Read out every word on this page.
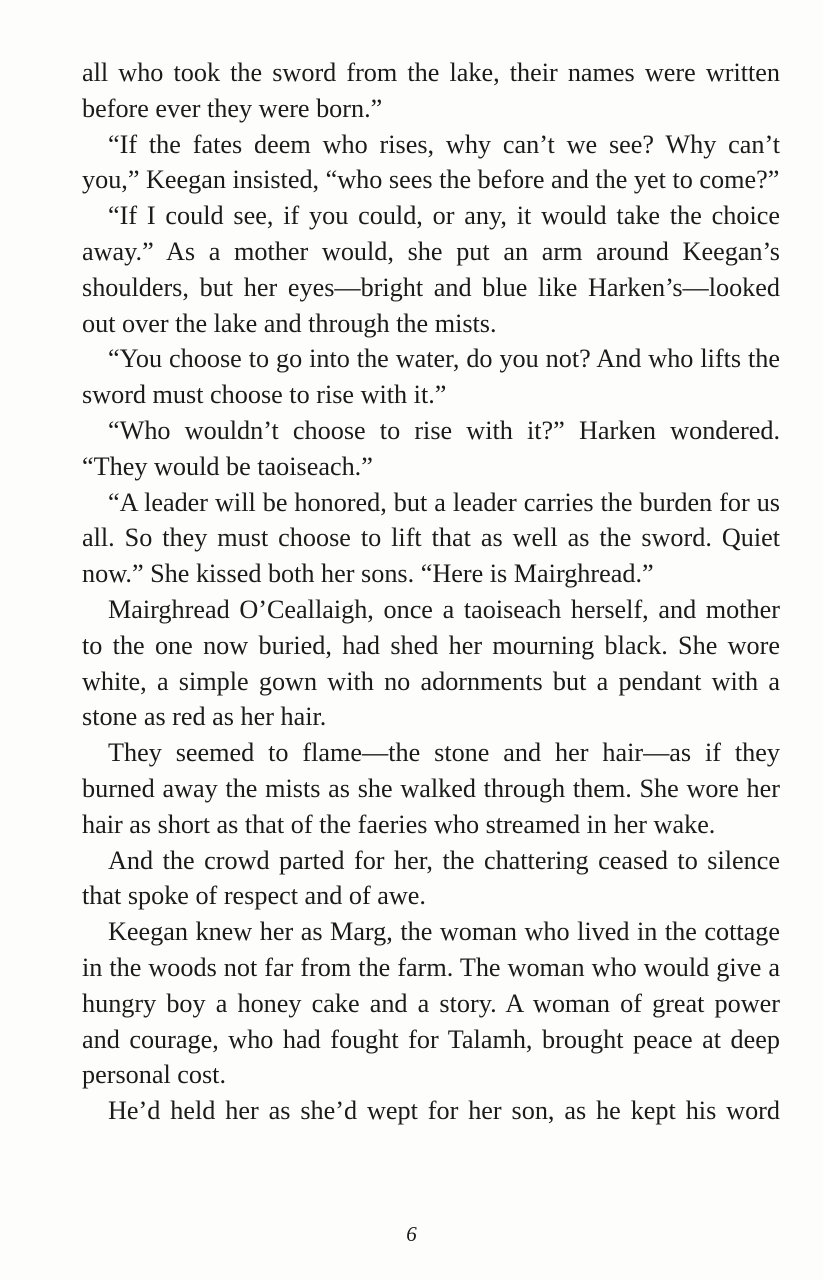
all who took the sword from the lake, their names were written before ever they were born.”

“If the fates deem who rises, why can’t we see? Why can’t you,” Keegan insisted, “who sees the before and the yet to come?”

“If I could see, if you could, or any, it would take the choice away.” As a mother would, she put an arm around Keegan’s shoulders, but her eyes—bright and blue like Harken’s—looked out over the lake and through the mists.

“You choose to go into the water, do you not? And who lifts the sword must choose to rise with it.”

“Who wouldn’t choose to rise with it?” Harken wondered. “They would be taoiseach.”

“A leader will be honored, but a leader carries the burden for us all. So they must choose to lift that as well as the sword. Quiet now.” She kissed both her sons. “Here is Mairghread.”

Mairghread O’Ceallaigh, once a taoiseach herself, and mother to the one now buried, had shed her mourning black. She wore white, a simple gown with no adornments but a pendant with a stone as red as her hair.

They seemed to flame—the stone and her hair—as if they burned away the mists as she walked through them. She wore her hair as short as that of the faeries who streamed in her wake.

And the crowd parted for her, the chattering ceased to silence that spoke of respect and of awe.

Keegan knew her as Marg, the woman who lived in the cottage in the woods not far from the farm. The woman who would give a hungry boy a honey cake and a story. A woman of great power and courage, who had fought for Talamh, brought peace at deep personal cost.

He’d held her as she’d wept for her son, as he kept his word

6
